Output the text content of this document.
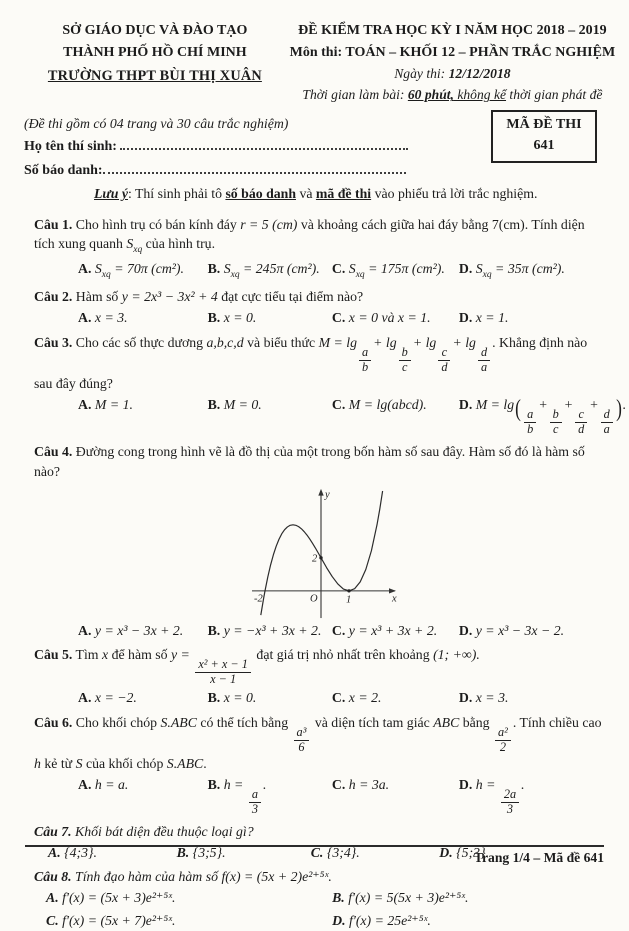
SỞ GIÁO DỤC VÀ ĐÀO TẠO
THÀNH PHỐ HỒ CHÍ MINH
TRƯỜNG THPT BÙI THỊ XUÂN
ĐỀ KIỂM TRA HỌC KỲ I NĂM HỌC 2018 – 2019
Môn thi: TOÁN – KHỐI 12 – PHẦN TRẮC NGHIỆM
Ngày thi: 12/12/2018
Thời gian làm bài: 60 phút, không kể thời gian phát đề
(Đề thi gồm có 04 trang và 30 câu trắc nghiệm)
Họ tên thí sinh:
Số báo danh:
MÃ ĐỀ THI
641
Lưu ý: Thí sinh phải tô số báo danh và mã đề thi vào phiếu trả lời trắc nghiệm.
Câu 1. Cho hình trụ có bán kính đáy r = 5 (cm) và khoảng cách giữa hai đáy bằng 7(cm). Tính diện tích xung quanh $S_{xq}$ của hình trụ.
A. $S_{xq} = 70\pi$ (cm²).	B. $S_{xq} = 245\pi$ (cm²). C. $S_{xq} = 175\pi$ (cm²).	D. $S_{xq} = 35\pi$ (cm²).
Câu 2. Hàm số y = 2x³ − 3x² + 4 đạt cực tiểu tại điểm nào?
A. x = 3.	B. x = 0.	C. x = 0 và x = 1.	D. x = 1.
Câu 3. Cho các số thực dương a,b,c,d và biểu thức M = lg
$\frac{a}{b}$
+ lg
$\frac{b}{c}$
+ lg
$\frac{c}{d}$
+ lg
$\frac{d}{a}$
. Khẳng định nào sau đây đúng?
A. M = 1.	B. M = 0.	C. M = lg(abcd).	D. $M = \lg( \frac{a}{b}$
+
$\frac{b}{c}$
+
$\frac{c}{d}$
+
$\frac{d}{a}$ ).
Câu 4. Đường cong trong hình vẽ là đồ thị của một trong bốn hàm số sau đây. Hàm số đó là hàm số nào?
y
x
O
2
-2	1
A. y = x³ − 3x + 2.	B. y = −x³ + 3x + 2. C. y = x³ + 3x + 2.	D. y = x³ − 3x − 2.
Câu 5. Tìm x để hàm số y =
$\frac{\text{x² + x − 1}}{x - 1}$
đạt giá trị nhỏ nhất trên khoảng (1; +∞).
A. x = −2.	B. x = 0.	C. x = 2.	D. x = 3.
Câu 6. Cho khối chóp S.ABC có thể tích bằng
$\frac{\text{a³}}{6}$
và diện tích tam giác ABC bằng
$\frac{\text{a²}}{2}$
. Tính chiều cao h kẻ từ S của khối chóp S.ABC.
A. h = a.	B. h =
$\frac{a}{3}$
.	C. h = 3a.	D. h =
$\frac{2a}{3}$
.
Câu 7. Khối bát diện đều thuộc loại gì?
A. {4;3}.	B. {3;5}.	C. {3;4}.	D. {5;3}.
Câu 8. Tính đạo hàm của hàm số f(x) = (5x + 2)e²⁺⁵ˣ.
A. f′(x) = (5x + 3)e²⁺⁵ˣ.	B. f′(x) = 5(5x + 3)e²⁺⁵ˣ.
C. f′(x) = (5x + 7)e²⁺⁵ˣ.	D. f′(x) = 25e²⁺⁵ˣ.
Trang 1/4 – Mã đề 641
